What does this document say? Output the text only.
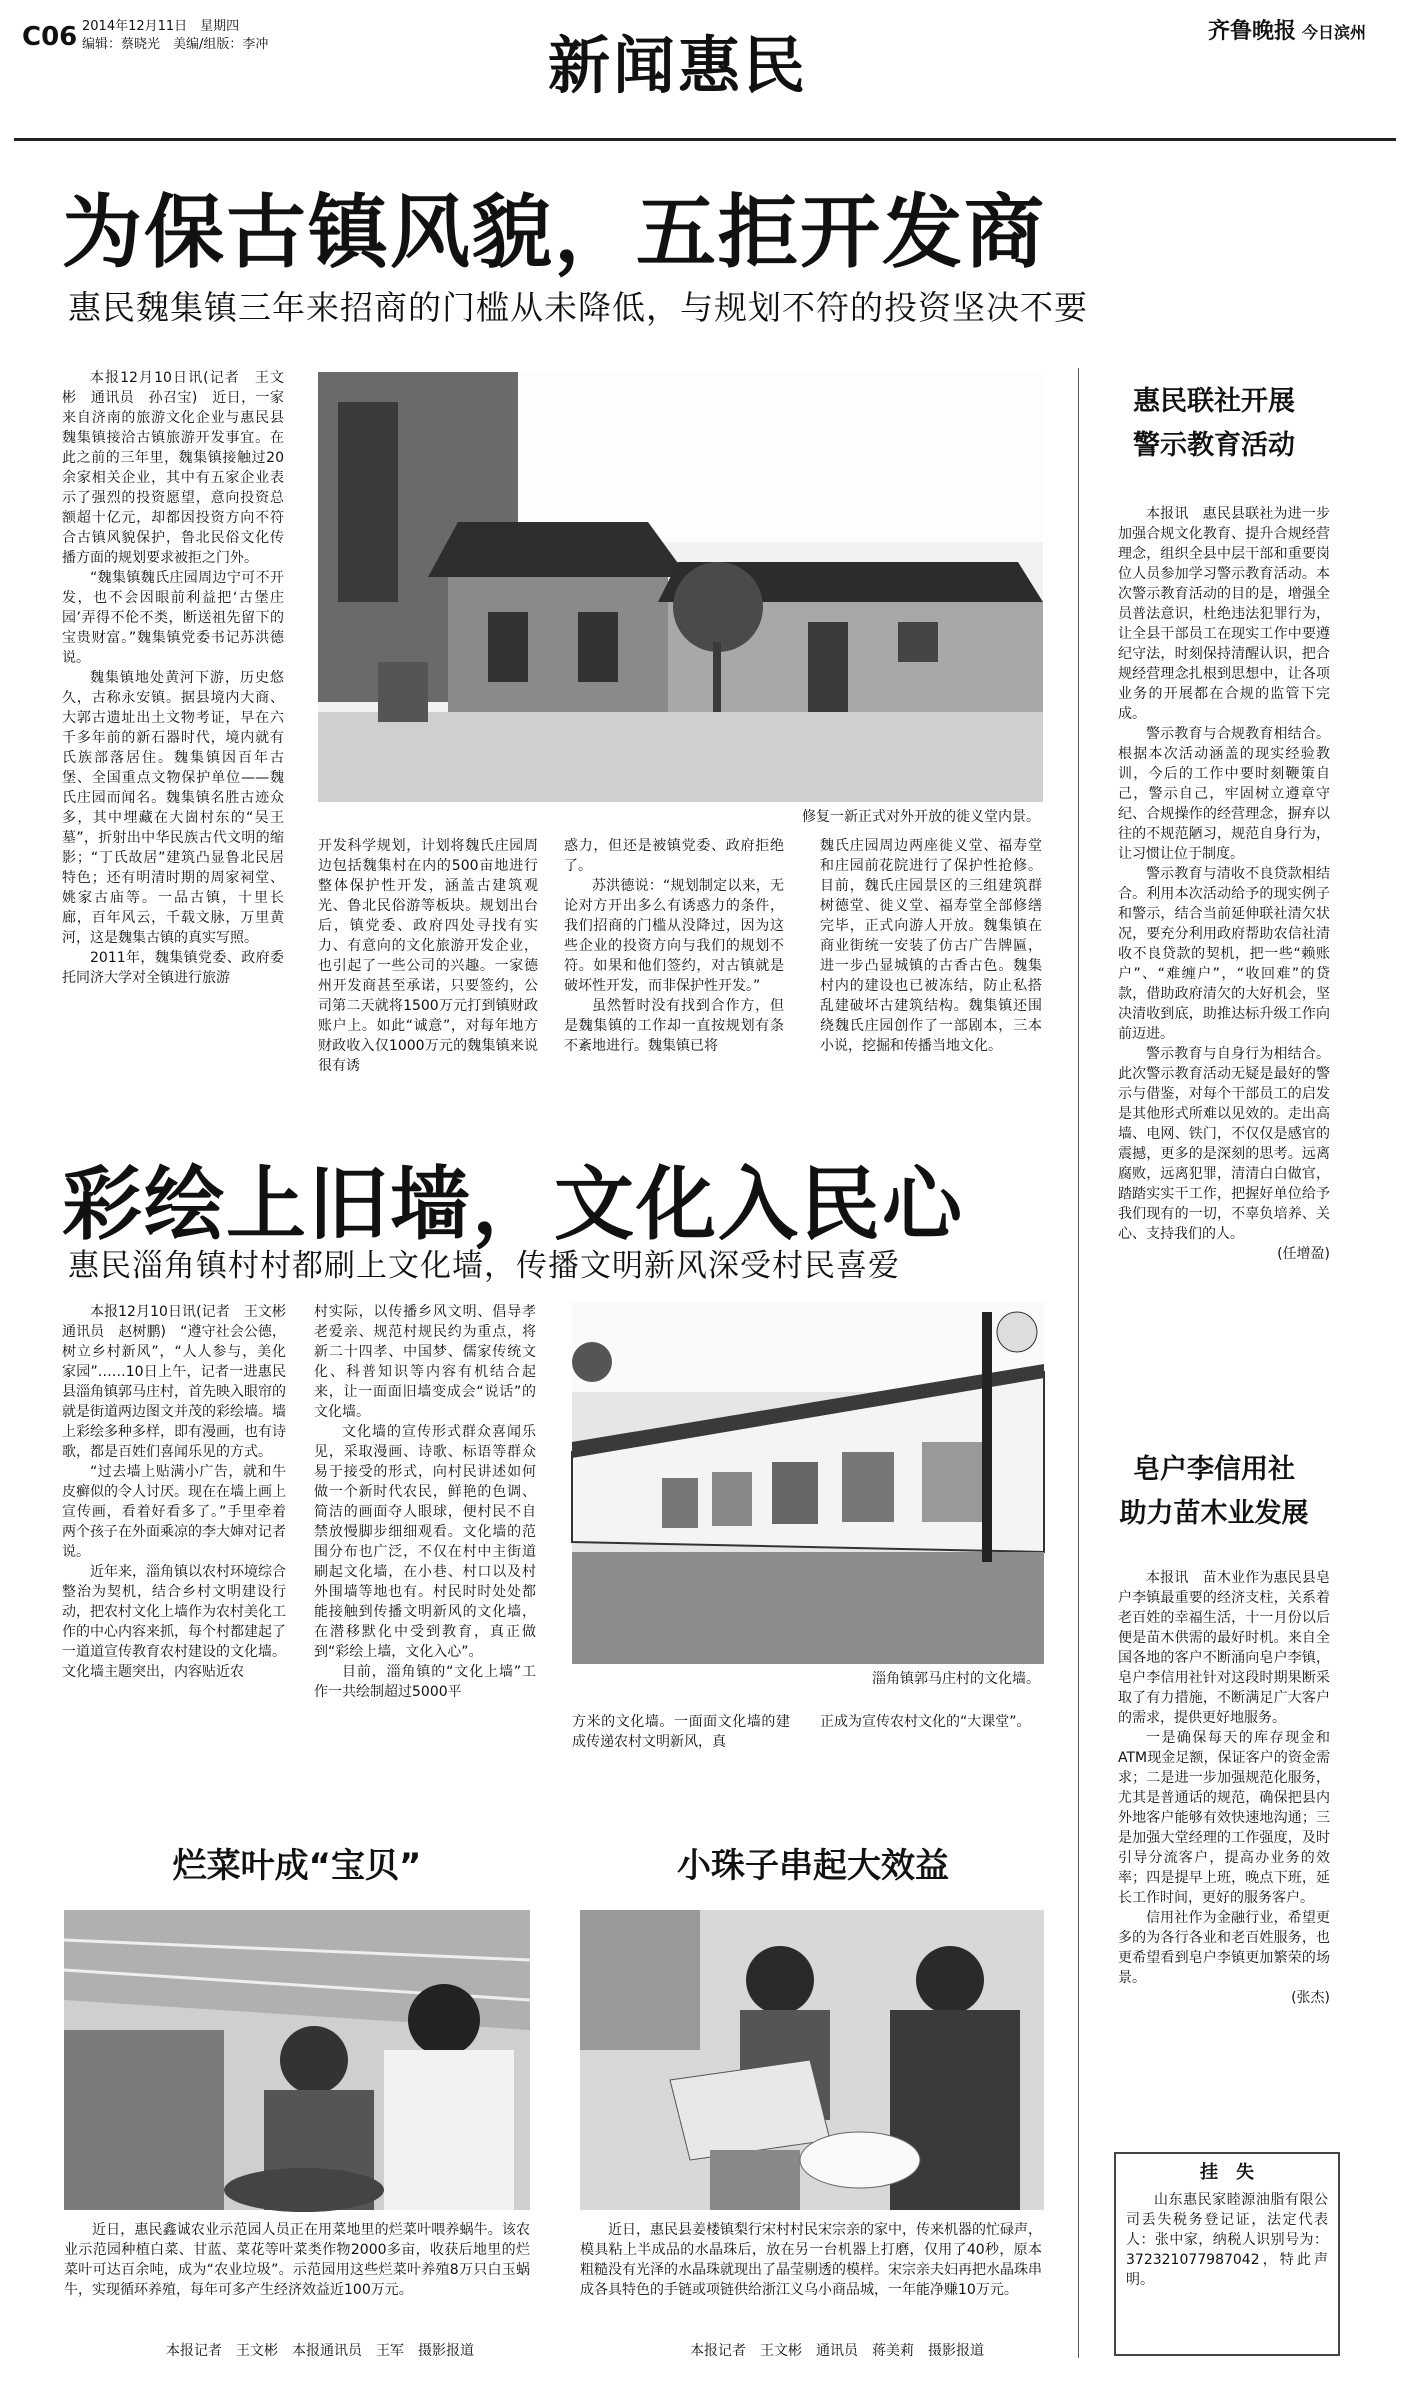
C06 2014年12月11日　星期四
编辑：蔡晓光　美编/组版：李冲	新闻惠民	齐鲁晚报 今日滨州
为保古镇风貌，五拒开发商
惠民魏集镇三年来招商的门槛从未降低，与规划不符的投资坚决不要

本报12月10日讯(记者　王文彬　通讯员　孙召宝)　近日，一家来自济南的旅游文化企业与惠民县魏集镇接洽古镇旅游开发事宜。在此之前的三年里，魏集镇接触过20余家相关企业，其中有五家企业表示了强烈的投资愿望，意向投资总额超十亿元，却都因投资方向不符合古镇风貌保护，鲁北民俗文化传播方面的规划要求被拒之门外。

“魏集镇魏氏庄园周边宁可不开发，也不会因眼前利益把‘古堡庄园’弄得不伦不类，断送祖先留下的宝贵财富。”魏集镇党委书记苏洪德说。

魏集镇地处黄河下游，历史悠久，古称永安镇。据县境内大商、大郭古遗址出土文物考证，早在六千多年前的新石器时代，境内就有氏族部落居住。魏集镇因百年古堡、全国重点文物保护单位——魏氏庄园而闻名。魏集镇名胜古迹众多，其中埋藏在大崮村东的“吴王墓”，折射出中华民族古代文明的缩影；“丁氏故居”建筑凸显鲁北民居特色；还有明清时期的周家祠堂、姚家古庙等。一品古镇，十里长廊，百年风云，千载文脉，万里黄河，这是魏集古镇的真实写照。

2011年，魏集镇党委、政府委托同济大学对全镇进行旅游

修复一新正式对外开放的徙义堂内景。

开发科学规划，计划将魏氏庄园周边包括魏集村在内的500亩地进行整体保护性开发，涵盖古建筑观光、鲁北民俗游等板块。规划出台后，镇党委、政府四处寻找有实力、有意向的文化旅游开发企业，也引起了一些公司的兴趣。一家德州开发商甚至承诺，只要签约，公司第二天就将1500万元打到镇财政账户上。如此“诚意”，对每年地方财政收入仅1000万元的魏集镇来说很有诱

惑力，但还是被镇党委、政府拒绝了。

苏洪德说：“规划制定以来，无论对方开出多么有诱惑力的条件，我们招商的门槛从没降过，因为这些企业的投资方向与我们的规划不符。如果和他们签约，对古镇就是破坏性开发，而非保护性开发。”

虽然暂时没有找到合作方，但是魏集镇的工作却一直按规划有条不紊地进行。魏集镇已将

魏氏庄园周边两座徙义堂、福寿堂和庄园前花院进行了保护性抢修。目前，魏氏庄园景区的三组建筑群树德堂、徙义堂、福寿堂全部修缮完毕，正式向游人开放。魏集镇在商业街统一安装了仿古广告牌匾，进一步凸显城镇的古香古色。魏集村内的建设也已被冻结，防止私搭乱建破坏古建筑结构。魏集镇还围绕魏氏庄园创作了一部剧本，三本小说，挖掘和传播当地文化。

惠民联社开展
警示教育活动

本报讯　惠民县联社为进一步加强合规文化教育、提升合规经营理念，组织全县中层干部和重要岗位人员参加学习警示教育活动。本次警示教育活动的目的是，增强全员普法意识，杜绝违法犯罪行为，让全县干部员工在现实工作中要遵纪守法，时刻保持清醒认识，把合规经营理念扎根到思想中，让各项业务的开展都在合规的监管下完成。

警示教育与合规教育相结合。根据本次活动涵盖的现实经验教训，今后的工作中要时刻鞭策自己，警示自己，牢固树立遵章守纪、合规操作的经营理念，摒弃以往的不规范陋习，规范自身行为，让习惯让位于制度。

警示教育与清收不良贷款相结合。利用本次活动给予的现实例子和警示，结合当前延伸联社清欠状况，要充分利用政府帮助农信社清收不良贷款的契机，把一些“赖账户”、“难缠户”，“收回难”的贷款，借助政府清欠的大好机会，坚决清收到底，助推达标升级工作向前迈进。

警示教育与自身行为相结合。此次警示教育活动无疑是最好的警示与借鉴，对每个干部员工的启发是其他形式所难以见效的。走出高墙、电网、铁门，不仅仅是感官的震撼，更多的是深刻的思考。远离腐败，远离犯罪，清清白白做官，踏踏实实干工作，把握好单位给予我们现有的一切，不辜负培养、关心、支持我们的人。

(任增盈)
彩绘上旧墙，文化入民心
惠民淄角镇村村都刷上文化墙，传播文明新风深受村民喜爱

本报12月10日讯(记者　王文彬　通讯员　赵树鹏)　“遵守社会公德，树立乡村新风”，“人人参与，美化家园”……10日上午，记者一进惠民县淄角镇郭马庄村，首先映入眼帘的就是街道两边图文并茂的彩绘墙。墙上彩绘多种多样，即有漫画，也有诗歌，都是百姓们喜闻乐见的方式。

“过去墙上贴满小广告，就和牛皮癣似的令人讨厌。现在在墙上画上宣传画，看着好看多了。”手里牵着两个孩子在外面乘凉的李大婶对记者说。

近年来，淄角镇以农村环境综合整治为契机，结合乡村文明建设行动，把农村文化上墙作为农村美化工作的中心内容来抓，每个村都建起了一道道宣传教育农村建设的文化墙。文化墙主题突出，内容贴近农

村实际，以传播乡风文明、倡导孝老爱亲、规范村规民约为重点，将新二十四孝、中国梦、儒家传统文化、科普知识等内容有机结合起来，让一面面旧墙变成会“说话”的文化墙。

文化墙的宣传形式群众喜闻乐见，采取漫画、诗歌、标语等群众易于接受的形式，向村民讲述如何做一个新时代农民，鲜艳的色调、简洁的画面夺人眼球，便村民不自禁放慢脚步细细观看。文化墙的范围分布也广泛，不仅在村中主街道刷起文化墙，在小巷、村口以及村外围墙等地也有。村民时时处处都能接触到传播文明新风的文化墙，在潜移默化中受到教育，真正做到“彩绘上墙，文化入心”。

目前，淄角镇的“文化上墙”工作一共绘制超过5000平

淄角镇郭马庄村的文化墙。
方米的文化墙。一面面文化墙的建成传递农村文明新风，真
正成为宣传农村文化的“大课堂”。
皂户李信用社
助力苗木业发展

本报讯　苗木业作为惠民县皂户李镇最重要的经济支柱，关系着老百姓的幸福生活，十一月份以后便是苗木供需的最好时机。来自全国各地的客户不断涌向皂户李镇，皂户李信用社针对这段时期果断采取了有力措施，不断满足广大客户的需求，提供更好地服务。

一是确保每天的库存现金和ATM现金足额，保证客户的资金需求；二是进一步加强规范化服务，尤其是普通话的规范，确保把县内外地客户能够有效快速地沟通；三是加强大堂经理的工作强度，及时引导分流客户，提高办业务的效率；四是提早上班，晚点下班，延长工作时间，更好的服务客户。

信用社作为金融行业，希望更多的为各行各业和老百姓服务，也更希望看到皂户李镇更加繁荣的场景。

(张杰)
挂　失

山东惠民家睦源油脂有限公司丢失税务登记证，法定代表人：张中家，纳税人识别号为：372321077987042，特此声明。

烂菜叶成“宝贝”

近日，惠民鑫诚农业示范园人员正在用菜地里的烂菜叶喂养蜗牛。该农业示范园种植白菜、甘蓝、菜花等叶菜类作物2000多亩，收获后地里的烂菜叶可达百余吨，成为“农业垃圾”。示范园用这些烂菜叶养殖8万只白玉蜗牛，实现循环养殖，每年可多产生经济效益近100万元。

本报记者　王文彬　本报通讯员　王军　摄影报道
小珠子串起大效益

近日，惠民县姜楼镇梨行宋村村民宋宗亲的家中，传来机器的忙碌声，模具粘上半成品的水晶珠后，放在另一台机器上打磨，仅用了40秒，原本粗糙没有光泽的水晶珠就现出了晶莹剔透的模样。宋宗亲夫妇再把水晶珠串成各具特色的手链或项链供给浙江义乌小商品城，一年能净赚10万元。

本报记者　王文彬　通讯员　蒋美莉　摄影报道
